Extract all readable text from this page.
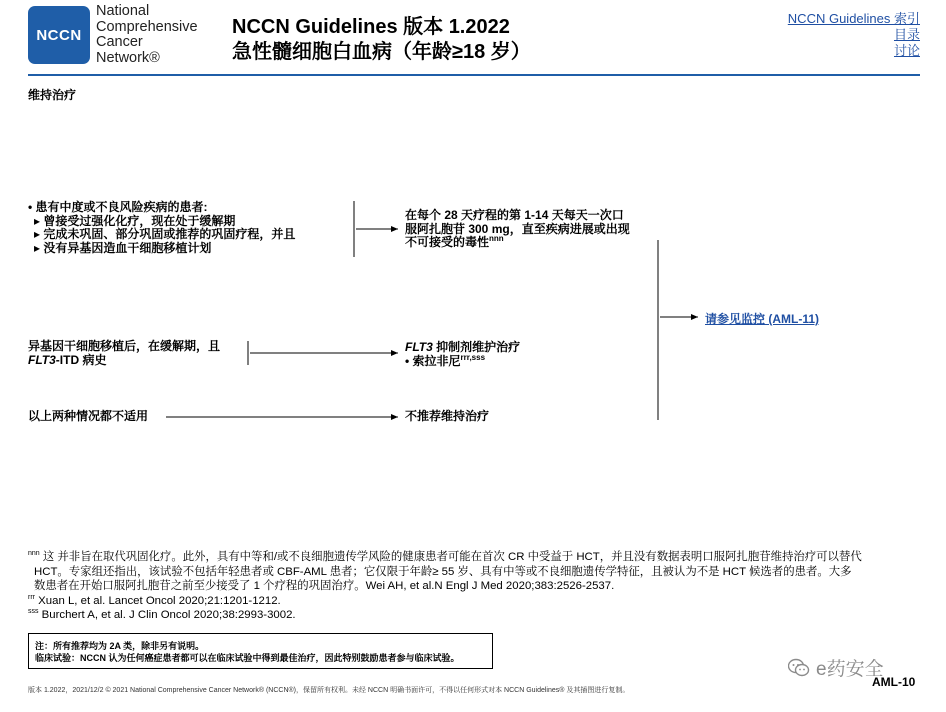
NCCN
National
Comprehensive
Cancer
Network®
NCCN Guidelines 版本 1.2022
急性髓细胞白血病（年龄≥18 岁）
NCCN Guidelines 索引
目录
讨论
维持治疗
• 患有中度或不良风险疾病的患者:
▸ 曾接受过强化化疗，现在处于缓解期
▸ 完成未巩固、部分巩固或推荐的巩固疗程，并且
▸ 没有异基因造血干细胞移植计划
在每个 28 天疗程的第 1-14 天每天一次口
服阿扎胞苷 300 mg，直至疾病进展或出现
不可接受的毒性$^{nnn}$
异基因干细胞移植后，在缓解期，且
FLT3-ITD 病史
FLT3 抑制剂维护治疗
• 索拉非尼$^{rrr,sss}$
以上两种情况都不适用	不推荐维持治疗
请参见监控 (AML-11)
$^{nnn}$ 这 并非旨在取代巩固化疗。此外，具有中等和/或不良细胞遗传学风险的健康患者可能在首次 CR 中受益于 HCT，并且没有数据表明口服阿扎胞苷维持治疗可以替代
HCT。专家组还指出，该试验不包括年轻患者或 CBF-AML 患者；它仅限于年龄≥ 55 岁、具有中等或不良细胞遗传学特征，且被认为不是 HCT 候选者的患者。大多
数患者在开始口服阿扎胞苷之前至少接受了 1 个疗程的巩固治疗。Wei AH, et al.N Engl J Med 2020;383:2526-2537.
$^{rrr}$ Xuan L, et al. Lancet Oncol 2020;21:1201-1212.
$^{sss}$ Burchert A, et al. J Clin Oncol 2020;38:2993-3002.
注：所有推荐均为 2A 类，除非另有说明。
临床试验：NCCN 认为任何癌症患者都可以在临床试验中得到最佳治疗，因此特别鼓励患者参与临床试验。
e药安全
AML-10
版本 1.2022，2021/12/2 © 2021 National Comprehensive Cancer Network® (NCCN®)，保留所有权利。未经 NCCN 明确书面许可，不得以任何形式对本 NCCN Guidelines® 及其插图进行复制。
